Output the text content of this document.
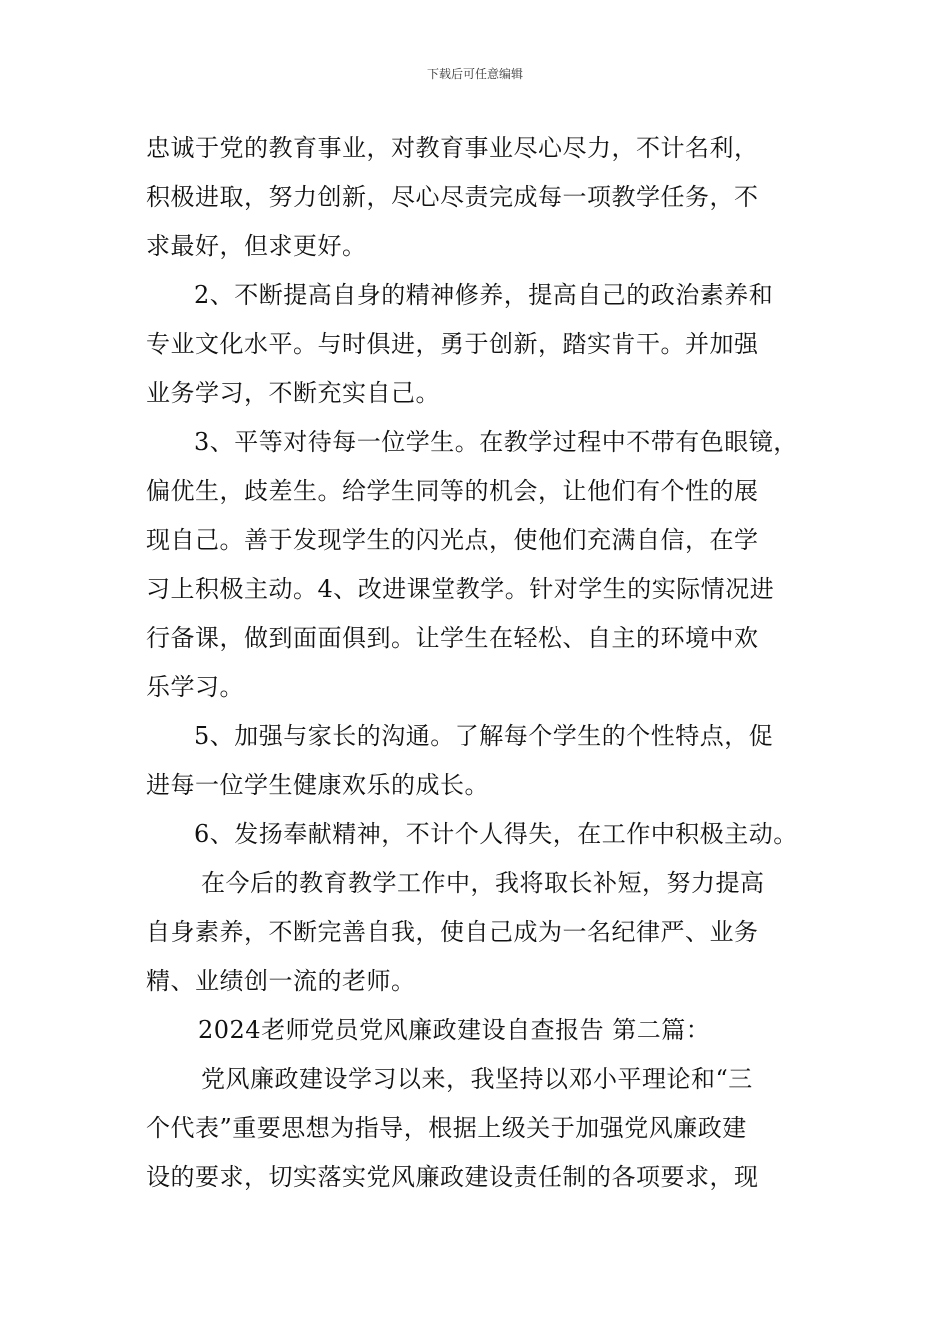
下载后可任意编辑
忠诚于党的教育事业，对教育事业尽心尽力，不计名利，
积极进取，努力创新，尽心尽责完成每一项教学任务，不
求最好，但求更好。
2、不断提高自身的精神修养，提高自己的政治素养和
专业文化水平。与时俱进，勇于创新，踏实肯干。并加强
业务学习，不断充实自己。
3、平等对待每一位学生。在教学过程中不带有色眼镜，
偏优生，歧差生。给学生同等的机会，让他们有个性的展
现自己。善于发现学生的闪光点，使他们充满自信，在学
习上积极主动。4、改进课堂教学。针对学生的实际情况进
行备课，做到面面俱到。让学生在轻松、自主的环境中欢
乐学习。
5、加强与家长的沟通。了解每个学生的个性特点，促
进每一位学生健康欢乐的成长。
6、发扬奉献精神，不计个人得失，在工作中积极主动。
在今后的教育教学工作中，我将取长补短，努力提高
自身素养，不断完善自我，使自己成为一名纪律严、业务
精、业绩创一流的老师。
2024老师党员党风廉政建设自查报告 第二篇：
党风廉政建设学习以来，我坚持以邓小平理论和“三
个代表”重要思想为指导，根据上级关于加强党风廉政建
设的要求，切实落实党风廉政建设责任制的各项要求，现
